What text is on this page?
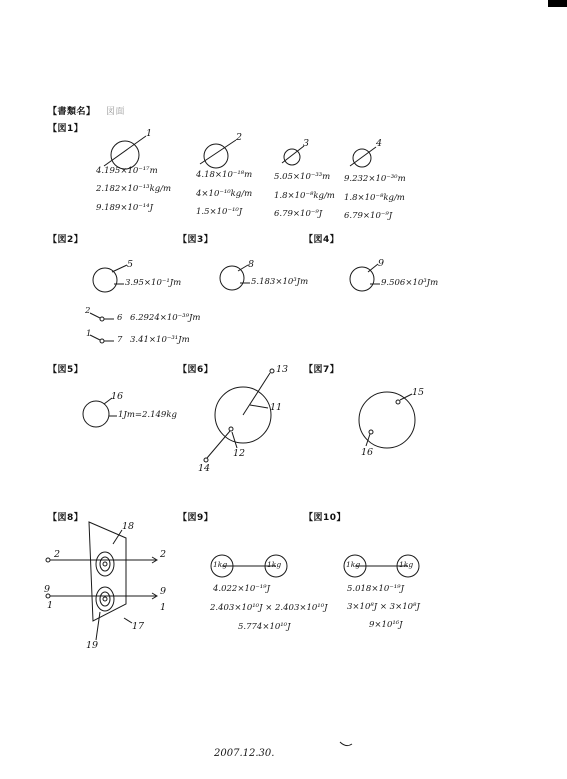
【書類名】 図面
【図1】
【図2】	【図3】	【図4】
【図5】	【図6】	【図7】
【図8】	【図9】	【図10】
1
4.195×10⁻¹⁷m
2.182×10⁻¹³kg/m
9.189×10⁻¹⁴J
2
4.18×10⁻¹⁸m
4×10⁻¹⁰kg/m
1.5×10⁻¹⁰J
3
5.05×10⁻³³m
1.8×10⁻⁸kg/m
6.79×10⁻⁹J
4
9.232×10⁻³⁰m
1.8×10⁻⁸kg/m
6.79×10⁻⁹J
5
3.95×10⁻¹Jm
2
6 6.2924×10⁻³⁹Jm
1
7 3.41×10⁻³¹Jm
8
5.183×10³Jm
9
9.506×10³Jm
16
1Jm=2.149kg
13
11
12
14
15
16
18
2	2
9	9
1	1
17
19
1kg	1kg
4.022×10⁻¹⁹J
2.403×10¹⁰J × 2.403×10¹⁰J
5.774×10¹⁰J
1kg	1kg
5.018×10⁻¹⁹J
3×10⁸J × 3×10⁸J
9×10¹⁶J
2007.12.30.
